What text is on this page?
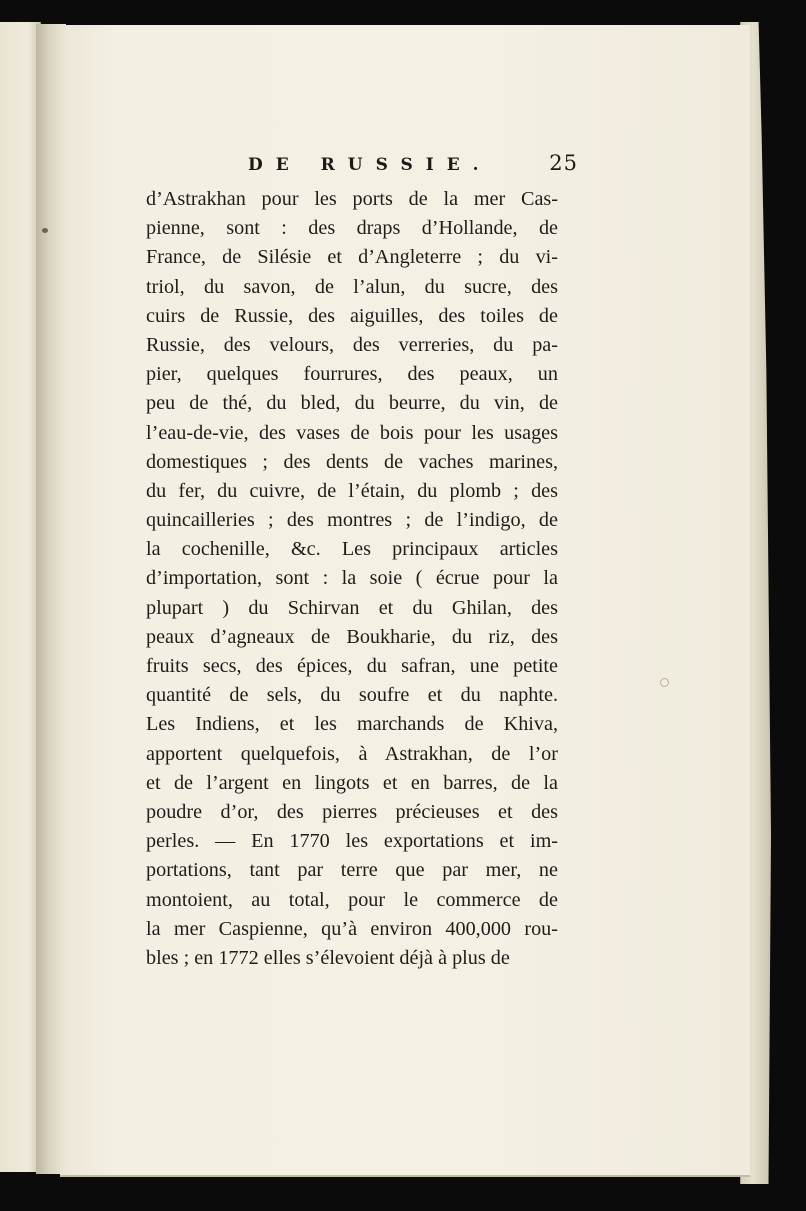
DE RUSSIE.	25
d’Astrakhan pour les ports de la mer Cas-
pienne, sont : des draps d’Hollande, de
France, de Silésie et d’Angleterre ; du vi-
triol, du savon, de l’alun, du sucre, des
cuirs de Russie, des aiguilles, des toiles de
Russie, des velours, des verreries, du pa-
pier, quelques fourrures, des peaux, un
peu de thé, du bled, du beurre, du vin, de
l’eau-de-vie, des vases de bois pour les usages
domestiques ; des dents de vaches marines,
du fer, du cuivre, de l’étain, du plomb ; des
quincailleries ; des montres ; de l’indigo, de
la cochenille, &c. Les principaux articles
d’importation, sont : la soie ( écrue pour la
plupart ) du Schirvan et du Ghilan, des
peaux d’agneaux de Boukharie, du riz, des
fruits secs, des épices, du safran, une petite
quantité de sels, du soufre et du naphte.
Les Indiens, et les marchands de Khiva,
apportent quelquefois, à Astrakhan, de l’or
et de l’argent en lingots et en barres, de la
poudre d’or, des pierres précieuses et des
perles. — En 1770 les exportations et im-
portations, tant par terre que par mer, ne
montoient, au total, pour le commerce de
la mer Caspienne, qu’à environ 400,000 rou-
bles ; en 1772 elles s’élevoient déjà à plus de
